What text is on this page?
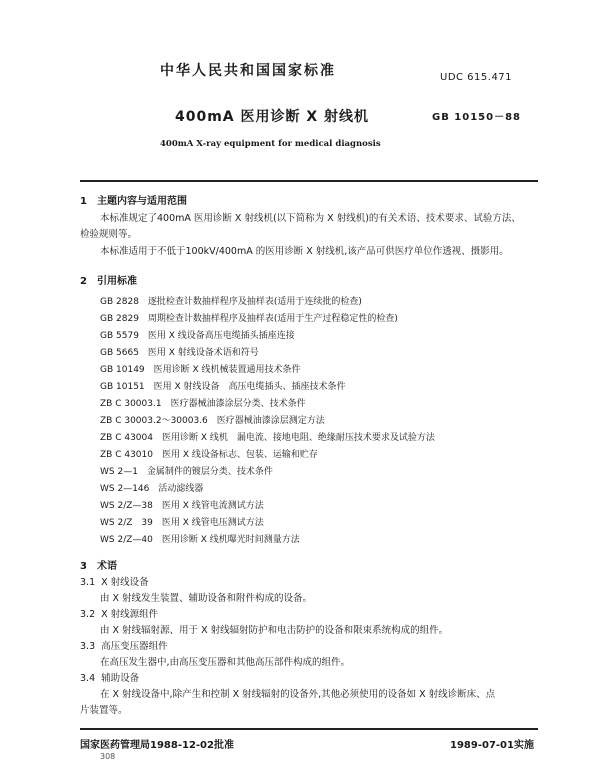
中华人民共和国国家标准	UDC 615.471
400mA 医用诊断 X 射线机	GB 10150－88
400mA X-ray equipment for medical diagnosis
1　主题内容与适用范围
本标准规定了400mA 医用诊断 X 射线机(以下简称为 X 射线机)的有关术语、技术要求、试验方法、
检验规则等。
本标准适用于不低于100kV/400mA 的医用诊断 X 射线机,该产品可供医疗单位作透视、摄影用。
2　引用标准
GB 2828　逐批检查计数抽样程序及抽样表(适用于连续批的检查)
GB 2829　周期检查计数抽样程序及抽样表(适用于生产过程稳定性的检查)
GB 5579　医用 X 线设备高压电缆插头插座连接
GB 5665　医用 X 射线设备术语和符号
GB 10149　医用诊断 X 线机械装置通用技术条件
GB 10151　医用 X 射线设备　高压电缆插头、插座技术条件
ZB C 30003.1　医疗器械油漆涂层分类、技术条件
ZB C 30003.2～30003.6　医疗器械油漆涂层测定方法
ZB C 43004　医用诊断 X 线机　漏电流、接地电阻、绝缘耐压技术要求及试验方法
ZB C 43010　医用 X 线设备标志、包装、运输和贮存
WS 2—1　金属制件的镀层分类、技术条件
WS 2—146　活动滤线器
WS 2/Z—38　医用 X 线管电流测试方法
WS 2/Z　39　医用 X 线管电压测试方法
WS 2/Z—40　医用诊断 X 线机曝光时间测量方法
3　术语
3.1 X 射线设备
由 X 射线发生装置、辅助设备和附件构成的设备。
3.2 X 射线源组件
由 X 射线辐射源、用于 X 射线辐射防护和电击防护的设备和限束系统构成的组件。
3.3 高压变压器组件
在高压发生器中,由高压变压器和其他高压部件构成的组件。
3.4 辅助设备
在 X 射线设备中,除产生和控制 X 射线辐射的设备外,其他必须使用的设备如 X 射线诊断床、点
片装置等。
国家医药管理局1988-12-02批准	1989-07-01实施
308
